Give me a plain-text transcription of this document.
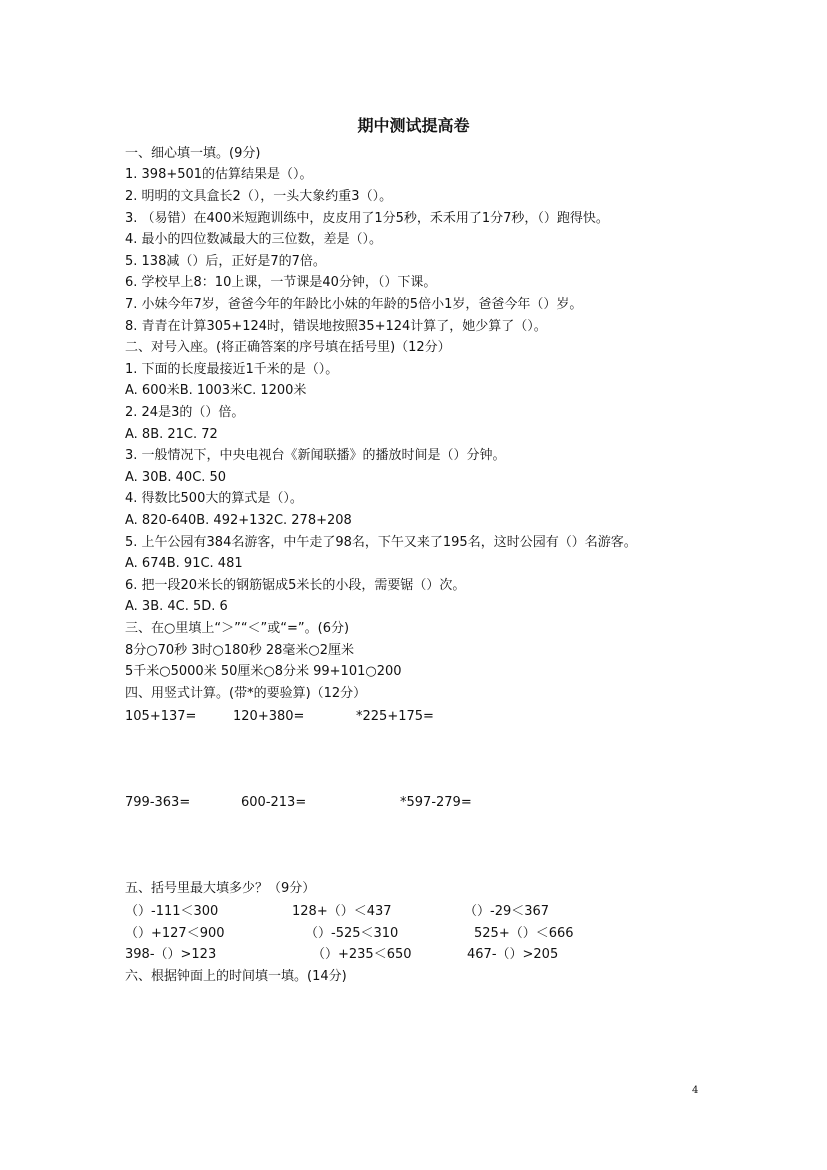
期中测试提高卷
一、细心填一填。(9分)
1. 398+501的估算结果是（）。
2. 明明的文具盒长2（），一头大象约重3（）。
3. （易错）在400米短跑训练中，皮皮用了1分5秒，禾禾用了1分7秒，（）跑得快。
4. 最小的四位数减最大的三位数，差是（）。
5. 138减（）后，正好是7的7倍。
6. 学校早上8：10上课，一节课是40分钟，（）下课。
7. 小妹今年7岁，爸爸今年的年龄比小妹的年龄的5倍小1岁，爸爸今年（）岁。
8. 青青在计算305+124时，错误地按照35+124计算了，她少算了（）。
二、对号入座。(将正确答案的序号填在括号里)（12分）
1. 下面的长度最接近1千米的是（）。
A. 600米B. 1003米C. 1200米
2. 24是3的（）倍。
A. 8B. 21C. 72
3. 一般情况下，中央电视台《新闻联播》的播放时间是（）分钟。
A. 30B. 40C. 50
4. 得数比500大的算式是（）。
A. 820-640B. 492+132C. 278+208
5. 上午公园有384名游客，中午走了98名，下午又来了195名，这时公园有（）名游客。
A. 674B. 91C. 481
6. 把一段20米长的钢筋锯成5米长的小段，需要锯（）次。
A. 3B. 4C. 5D. 6
三、在○里填上“＞”“＜”或“=”。(6分)
8分○70秒 3时○180秒 28毫米○2厘米
5千米○5000米 50厘米○8分米 99+101○200
四、用竖式计算。(带*的要验算)（12分）
105+137=	120+380=	*225+175=
799-363=	600-213=	*597-279=
五、括号里最大填多少？（9分）
（）-111＜300	128+（）＜437	（）-29＜367
（）+127＜900	（）-525＜310	525+（）＜666
398-（）>123	（）+235＜650	467-（）>205
六、根据钟面上的时间填一填。(14分)
4
